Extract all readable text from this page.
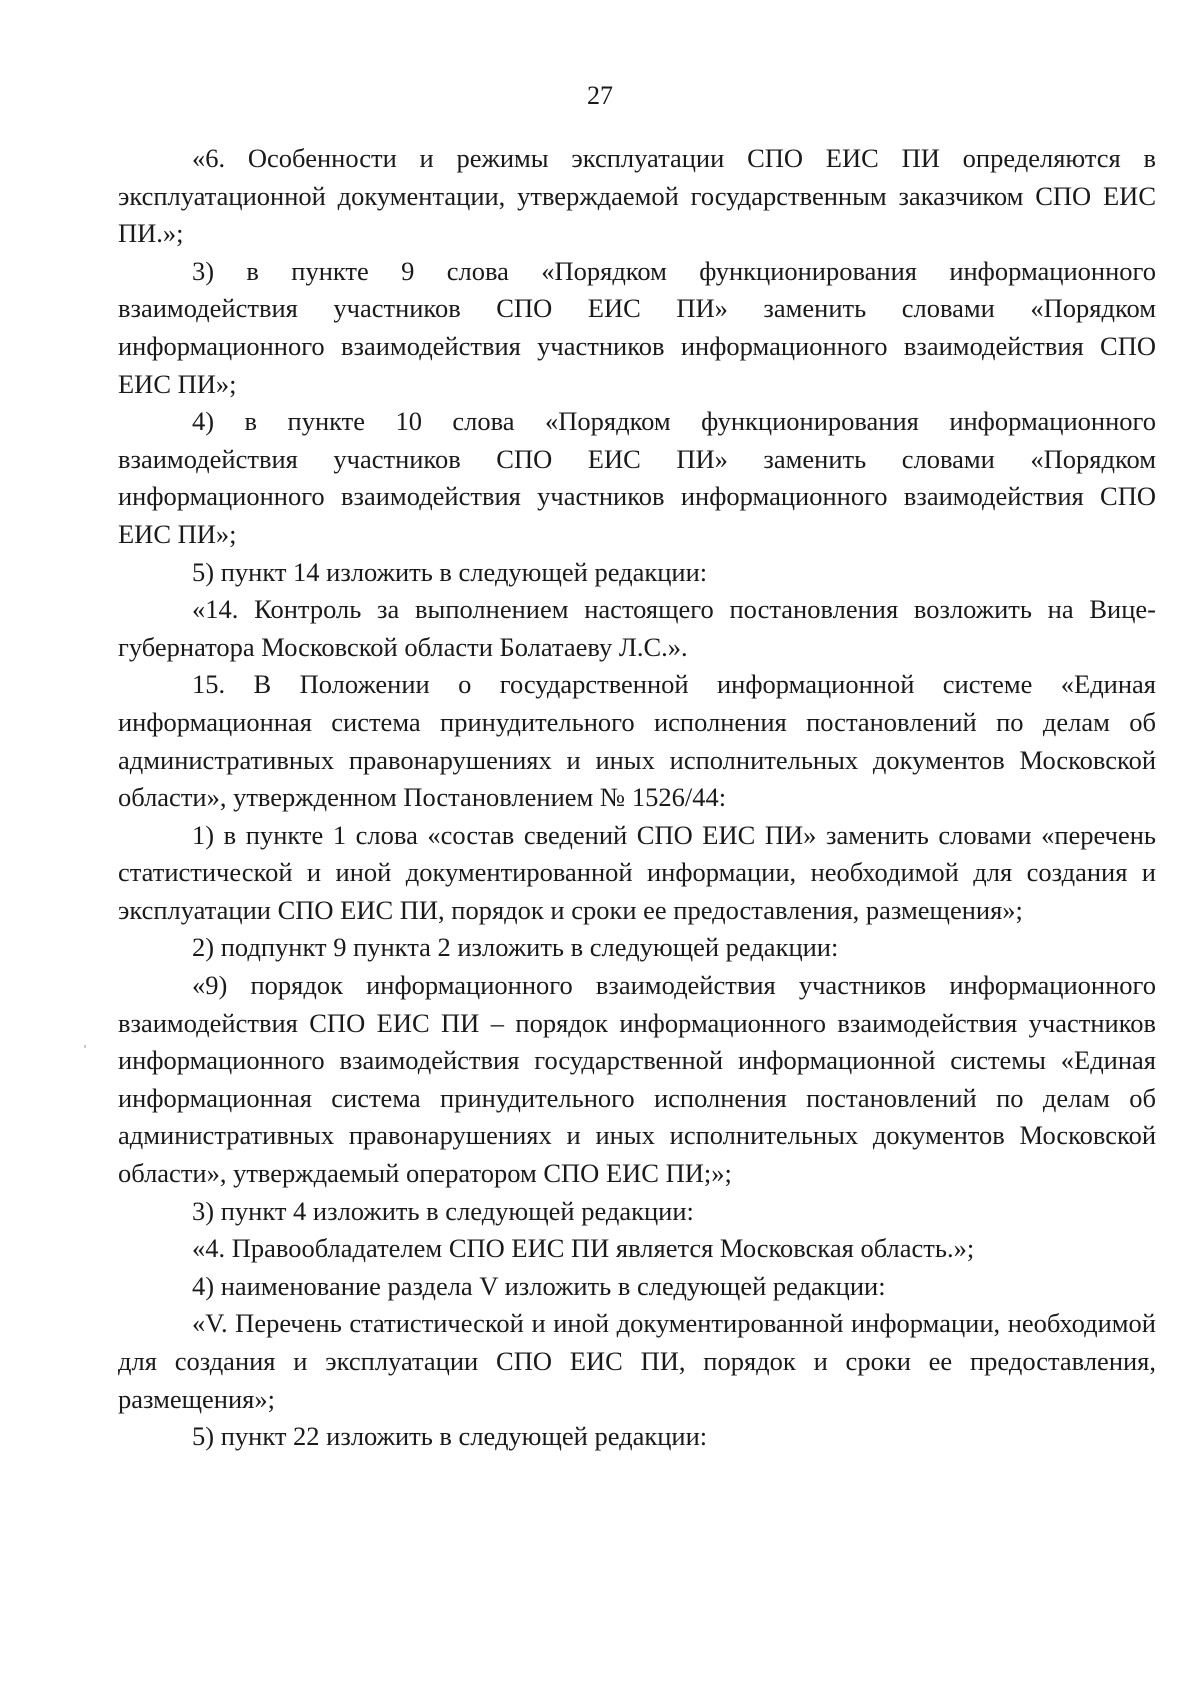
27

«6. Особенности и режимы эксплуатации СПО ЕИС ПИ определяются в эксплуатационной документации, утверждаемой государственным заказчиком СПО ЕИС ПИ.»;

3) в пункте 9 слова «Порядком функционирования информационного взаимодействия участников СПО ЕИС ПИ» заменить словами «Порядком информационного взаимодействия участников информационного взаимодействия СПО ЕИС ПИ»;

4) в пункте 10 слова «Порядком функционирования информационного взаимодействия участников СПО ЕИС ПИ» заменить словами «Порядком информационного взаимодействия участников информационного взаимодействия СПО ЕИС ПИ»;

5) пункт 14 изложить в следующей редакции:

«14. Контроль за выполнением настоящего постановления возложить на Вице-губернатора Московской области Болатаеву Л.С.».

15. В Положении о государственной информационной системе «Единая информационная система принудительного исполнения постановлений по делам об административных правонарушениях и иных исполнительных документов Московской области», утвержденном Постановлением № 1526/44:

1) в пункте 1 слова «состав сведений СПО ЕИС ПИ» заменить словами «перечень статистической и иной документированной информации, необходимой для создания и эксплуатации СПО ЕИС ПИ, порядок и сроки ее предоставления, размещения»;

2) подпункт 9 пункта 2 изложить в следующей редакции:

«9) порядок информационного взаимодействия участников информационного взаимодействия СПО ЕИС ПИ – порядок информационного взаимодействия участников информационного взаимодействия государственной информационной системы «Единая информационная система принудительного исполнения постановлений по делам об административных правонарушениях и иных исполнительных документов Московской области», утверждаемый оператором СПО ЕИС ПИ;»;

3) пункт 4 изложить в следующей редакции:

«4. Правообладателем СПО ЕИС ПИ является Московская область.»;

4) наименование раздела V изложить в следующей редакции:

«V. Перечень статистической и иной документированной информации, необходимой для создания и эксплуатации СПО ЕИС ПИ, порядок и сроки ее предоставления, размещения»;

5) пункт 22 изложить в следующей редакции:
